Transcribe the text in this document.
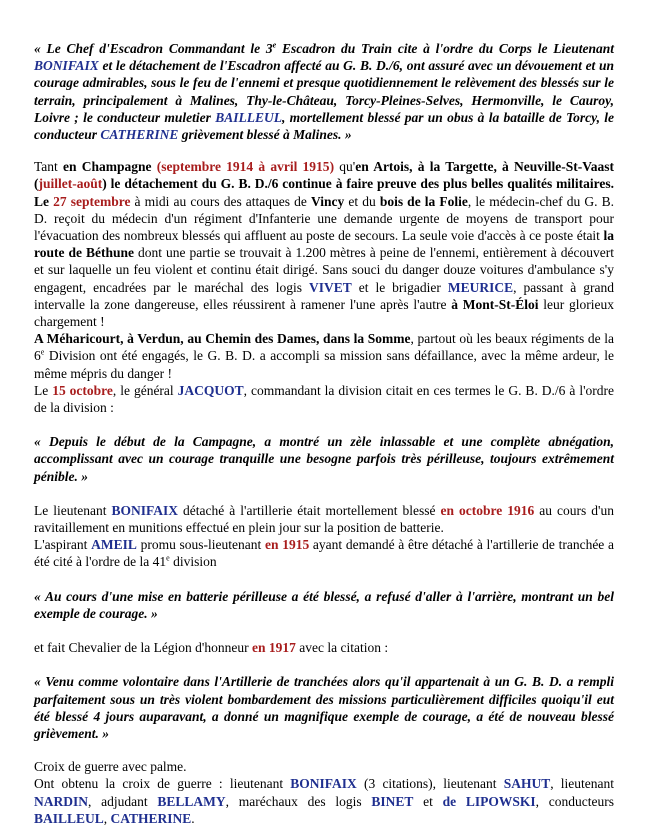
« Le Chef d'Escadron Commandant le 3e Escadron du Train cite à l'ordre du Corps le Lieutenant BONIFAIX et le détachement de l'Escadron affecté au G. B. D./6, ont assuré avec un dévouement et un courage admirables, sous le feu de l'ennemi et presque quotidiennement le relèvement des blessés sur le terrain, principalement à Malines, Thy-le-Château, Torcy-Pleines-Selves, Hermonville, le Cauroy, Loivre ; le conducteur muletier BAILLEUL, mortellement blessé par un obus à la bataille de Torcy, le conducteur CATHERINE grièvement blessé à Malines. »

Tant en Champagne (septembre 1914 à avril 1915) qu'en Artois, à la Targette, à Neuville-St-Vaast (juillet-août) le détachement du G. B. D./6 continue à faire preuve des plus belles qualités militaires. Le 27 septembre à midi au cours des attaques de Vincy et du bois de la Folie, le médecin-chef du G. B. D. reçoit du médecin d'un régiment d'Infanterie une demande urgente de moyens de transport pour l'évacuation des nombreux blessés qui affluent au poste de secours. La seule voie d'accès à ce poste était la route de Béthune dont une partie se trouvait à 1.200 mètres à peine de l'ennemi, entièrement à découvert et sur laquelle un feu violent et continu était dirigé. Sans souci du danger douze voitures d'ambulance s'y engagent, encadrées par le maréchal des logis VIVET et le brigadier MEURICE, passant à grand intervalle la zone dangereuse, elles réussirent à ramener l'une après l'autre à Mont-St-Éloi leur glorieux chargement !

A Méharicourt, à Verdun, au Chemin des Dames, dans la Somme, partout où les beaux régiments de la 6e Division ont été engagés, le G. B. D. a accompli sa mission sans défaillance, avec la même ardeur, le même mépris du danger !

Le 15 octobre, le général JACQUOT, commandant la division citait en ces termes le G. B. D./6 à l'ordre de la division :

« Depuis le début de la Campagne, a montré un zèle inlassable et une complète abnégation, accomplissant avec un courage tranquille une besogne parfois très périlleuse, toujours extrêmement pénible. »

Le lieutenant BONIFAIX détaché à l'artillerie était mortellement blessé en octobre 1916 au cours d'un ravitaillement en munitions effectué en plein jour sur la position de batterie.

L'aspirant AMEIL promu sous-lieutenant en 1915 ayant demandé à être détaché à l'artillerie de tranchée a été cité à l'ordre de la 41e division

« Au cours d'une mise en batterie périlleuse a été blessé, a refusé d'aller à l'arrière, montrant un bel exemple de courage. »

et fait Chevalier de la Légion d'honneur en 1917 avec la citation :

« Venu comme volontaire dans l'Artillerie de tranchées alors qu'il appartenait à un G. B. D. a rempli parfaitement sous un très violent bombardement des missions particulièrement difficiles quoiqu'il eut été blessé 4 jours auparavant, a donné un magnifique exemple de courage, a été de nouveau blessé grièvement. »

Croix de guerre avec palme.

Ont obtenu la croix de guerre : lieutenant BONIFAIX (3 citations), lieutenant SAHUT, lieutenant NARDIN, adjudant BELLAMY, maréchaux des logis BINET et de LIPOWSKI, conducteurs BAILLEUL, CATHERINE.
